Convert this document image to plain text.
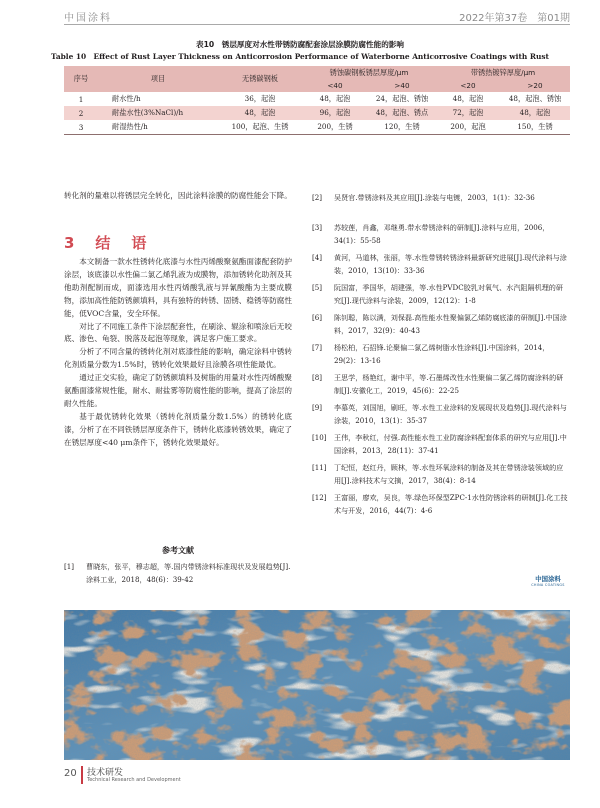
中国涂料	2022年第37卷　第01期
表10　锈层厚度对水性带锈防腐配套涂层涂膜防腐性能的影响
Table 10　Effect of Rust Layer Thickness on Anticorrosion Performance of Waterborne Anticorrosive Coatings with Rust
序号	项目	无锈碳钢板	锈蚀碳钢板锈层厚度/μm		带锈热镀锌厚度/μm	
			<40	>40	<20	>20
1	耐水性/h	36，起泡	48，起泡	24，起泡、锈蚀	48，起泡	48，起泡、锈蚀
2	耐盐水性(3%NaCl)/h	48，起泡	96，起泡	48，起泡、锈点	72，起泡	48，起泡
3	耐湿热性/h	100，起泡、生锈	200，生锈	120，生锈	200，起泡	150，生锈

转化剂的量难以将锈层完全转化，因此涂料涂膜的防腐性能会下降。

3　结　语

本文制备一款水性锈转化底漆与水性丙烯酸聚氨酯面漆配套防护涂层，该底漆以水性偏二氯乙烯乳液为成膜物，添加锈转化助剂及其他助剂配制而成，面漆选用水性丙烯酸乳液与异氰酸酯为主要成膜物，添加高性能防锈颜填料，具有独特的转锈、固锈、稳锈等防腐性能，低VOC含量，安全环保。

对比了不同施工条件下涂层配套性，在刷涂、辊涂和喷涂后无咬底、渗色、龟裂、脱落及起泡等现象，满足客户施工要求。

分析了不同含量的锈转化剂对底漆性能的影响，确定涂料中锈转化剂质量分数为1.5%时，锈转化效果最好且涂膜各项性能最优。

通过正交实验，确定了防锈颜填料及树脂的用量对水性丙烯酸聚氨酯面漆常规性能，耐水、耐盐雾等防腐性能的影响，提高了涂层的耐久性能。

基于最优锈转化效果（锈转化剂质量分数1.5%）的锈转化底漆，分析了在不同铁锈层厚度条件下，锈转化底漆转锈效果，确定了在锈层厚度<40 μm条件下，锈转化效果最好。

参考文献
[1] 曹晓东，张平，穆志超，等.国内带锈涂料标准现状及发展趋势[J].涂料工业，2018，48(6)：39-42
[2] 吴贤官.带锈涂料及其应用[J].涂装与电镀，2003，1(1)：32-36
[3] 苏较莲，肖鑫，邓继勇.带水带锈涂料的研制[J].涂料与应用，2006，34(1)：55-58
[4] 黄河，马道林，张丽，等.水性带锈转锈涂料最新研究进展[J].现代涂料与涂装，2010，13(10)：33-36
[5] 阮国富，季国华，胡建强，等.水性PVDC胶乳对氧气、水汽阻隔机理的研究[J].现代涂料与涂装，2009，12(12)：1-8
[6] 陈钊聪，陈以满，刘保磊.高性能水性聚偏氯乙烯防腐底漆的研制[J].中国涂料，2017，32(9)：40-43
[7] 杨松柏，石招锋.论聚偏二氯乙烯树脂水性涂料[J].中国涂料，2014，29(2)：13-16
[8] 王思学，杨艳红，谢中平，等.石墨烯改性水性聚偏二氯乙烯防腐涂料的研制[J].安徽化工，2019，45(6)：22-25
[9] 李慕英，刘国旭，刷旺，等.水性工业涂料的发展现状及趋势[J].现代涂料与涂装，2010，13(1)：35-37
[10] 王伟，李秋红，付强.高性能水性工业防腐涂料配套体系的研究与应用[J].中国涂料，2013，28(11)：37-41
[11] 丁纪恒，赵红丹，顾林，等.水性环氧涂料的制备及其在带锈涂装领域的应用[J].涂料技术与文摘，2017，38(4)：8-14
[12] 王富丽，廖欢，吴良，等.绿色环保型ZPC-1水性防锈涂料的研制[J].化工技术与开发，2016，44(7)：4-6
中国涂料
CHINA COATINGS
20 技术研发
Technical Research and Development
